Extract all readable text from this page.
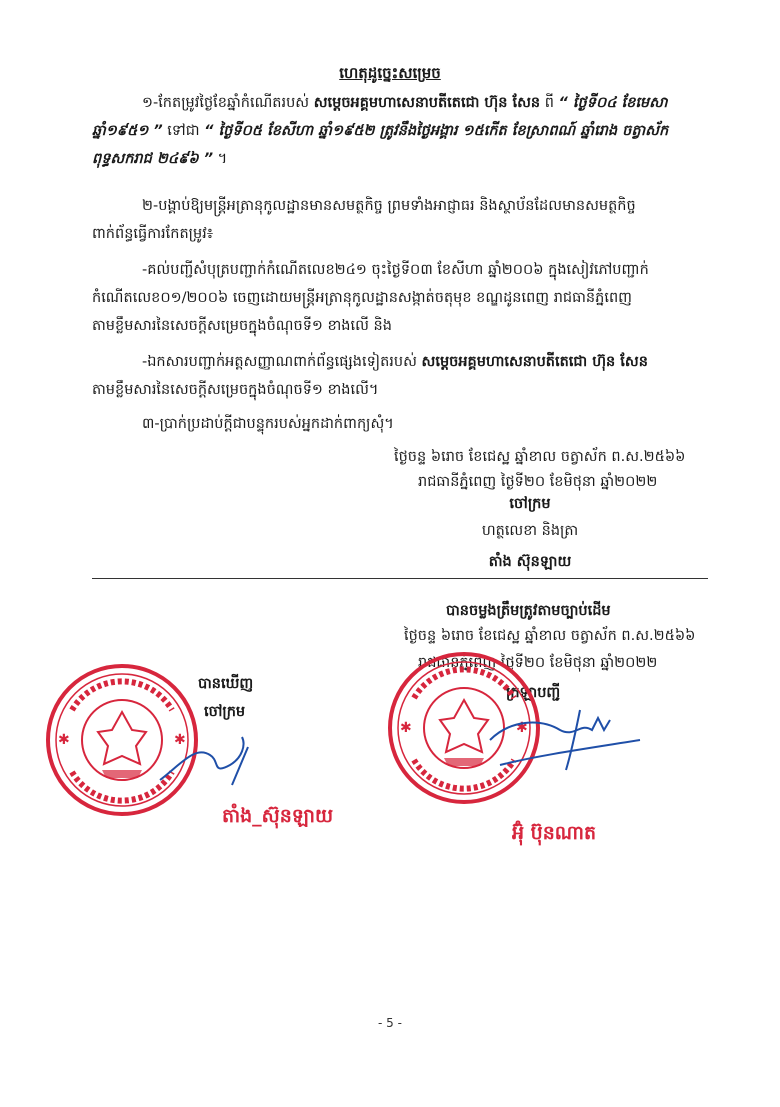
ហេតុដូច្នេះសម្រេច
១-កែតម្រូវថ្ងៃខែឆ្នាំកំណើតរបស់ សម្តេចអគ្គមហាសេនាបតីតេជោ ហ៊ុន សែន ពី “ ថ្ងៃទី០៤ ខែមេសា
ឆ្នាំ១៩៥១ ” ទៅជា “ ថ្ងៃទី០៥ ខែសីហា ឆ្នាំ១៩៥២ ត្រូវនឹងថ្ងៃអង្គារ ១៥កើត ខែស្រាពណ៍ ឆ្នាំរោង ចត្វាស័ក
ពុទ្ធសករាជ ២៤៩៦ ” ។
២-បង្គាប់ឱ្យមន្ត្រីអត្រានុកូលដ្ឋានមានសមត្ថកិច្ច ព្រមទាំងអាជ្ញាធរ និងស្ថាប័នដែលមានសមត្ថកិច្ច
ពាក់ព័ន្ធធ្វើការកែតម្រូវ៖
-គល់បញ្ជីសំបុត្របញ្ជាក់កំណើតលេខ២៤១ ចុះថ្ងៃទី០៣ ខែសីហា ឆ្នាំ២០០៦ ក្នុងសៀវភៅបញ្ជាក់
កំណើតលេខ០១/២០០៦ ចេញដោយមន្ត្រីអត្រានុកូលដ្ឋានសង្កាត់ចតុមុខ ខណ្ឌដូនពេញ រាជធានីភ្នំពេញ
តាមខ្លឹមសារនៃសេចក្តីសម្រេចក្នុងចំណុចទី១ ខាងលើ និង
-ឯកសារបញ្ជាក់អត្តសញ្ញាណពាក់ព័ន្ធផ្សេងទៀតរបស់ សម្តេចអគ្គមហាសេនាបតីតេជោ ហ៊ុន សែន
តាមខ្លឹមសារនៃសេចក្តីសម្រេចក្នុងចំណុចទី១ ខាងលើ។
៣-ប្រាក់ប្រដាប់ក្តីជាបន្ទុករបស់អ្នកដាក់ពាក្យសុំ។
ថ្ងៃចន្ទ ៦រោច ខែជេស្ឋ ឆ្នាំខាល ចត្វាស័ក ព.ស.២៥៦៦
រាជធានីភ្នំពេញ ថ្ងៃទី២០ ខែមិថុនា ឆ្នាំ២០២២
ចៅក្រម
ហត្ថលេខា និងត្រា
តាំង ស៊ុនឡាយ
បានចម្លងត្រឹមត្រូវតាមច្បាប់ដើម
ថ្ងៃចន្ទ ៦រោច ខែជេស្ឋ ឆ្នាំខាល ចត្វាស័ក ព.ស.២៥៦៦
រាជធានីភ្នំពេញ ថ្ងៃទី២០ ខែមិថុនា ឆ្នាំ២០២២
ក្រឡាបញ្ជី
បានឃើញ
ចៅក្រម
✱	✱
✱	✱
តាំង_ស៊ុនឡាយ
អ៊ុំ ប៊ុនណាត
- 5 -
